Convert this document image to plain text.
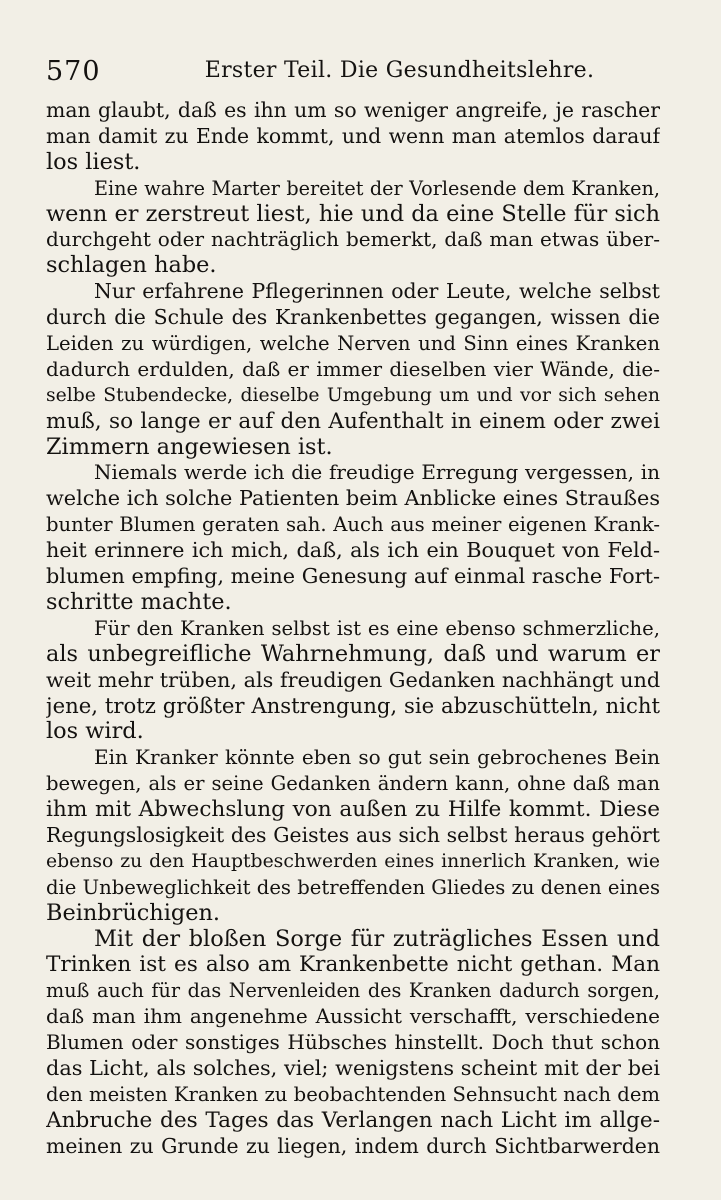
570	Erster Teil. Die Gesundheitslehre.
man glaubt, daß es ihn um so weniger angreife, je rascher
man damit zu Ende kommt, und wenn man atemlos darauf
los liest.
Eine wahre Marter bereitet der Vorlesende dem Kranken,
wenn er zerstreut liest, hie und da eine Stelle für sich
durchgeht oder nachträglich bemerkt, daß man etwas über-
schlagen habe.
Nur erfahrene Pflegerinnen oder Leute, welche selbst
durch die Schule des Krankenbettes gegangen, wissen die
Leiden zu würdigen, welche Nerven und Sinn eines Kranken
dadurch erdulden, daß er immer dieselben vier Wände, die-
selbe Stubendecke, dieselbe Umgebung um und vor sich sehen
muß, so lange er auf den Aufenthalt in einem oder zwei
Zimmern angewiesen ist.
Niemals werde ich die freudige Erregung vergessen, in
welche ich solche Patienten beim Anblicke eines Straußes
bunter Blumen geraten sah. Auch aus meiner eigenen Krank-
heit erinnere ich mich, daß, als ich ein Bouquet von Feld-
blumen empfing, meine Genesung auf einmal rasche Fort-
schritte machte.
Für den Kranken selbst ist es eine ebenso schmerzliche,
als unbegreifliche Wahrnehmung, daß und warum er
weit mehr trüben, als freudigen Gedanken nachhängt und
jene, trotz größter Anstrengung, sie abzuschütteln, nicht
los wird.
Ein Kranker könnte eben so gut sein gebrochenes Bein
bewegen, als er seine Gedanken ändern kann, ohne daß man
ihm mit Abwechslung von außen zu Hilfe kommt. Diese
Regungslosigkeit des Geistes aus sich selbst heraus gehört
ebenso zu den Hauptbeschwerden eines innerlich Kranken, wie
die Unbeweglichkeit des betreffenden Gliedes zu denen eines
Beinbrüchigen.
Mit der bloßen Sorge für zuträgliches Essen und
Trinken ist es also am Krankenbette nicht gethan. Man
muß auch für das Nervenleiden des Kranken dadurch sorgen,
daß man ihm angenehme Aussicht verschafft, verschiedene
Blumen oder sonstiges Hübsches hinstellt. Doch thut schon
das Licht, als solches, viel; wenigstens scheint mit der bei
den meisten Kranken zu beobachtenden Sehnsucht nach dem
Anbruche des Tages das Verlangen nach Licht im allge-
meinen zu Grunde zu liegen, indem durch Sichtbarwerden
